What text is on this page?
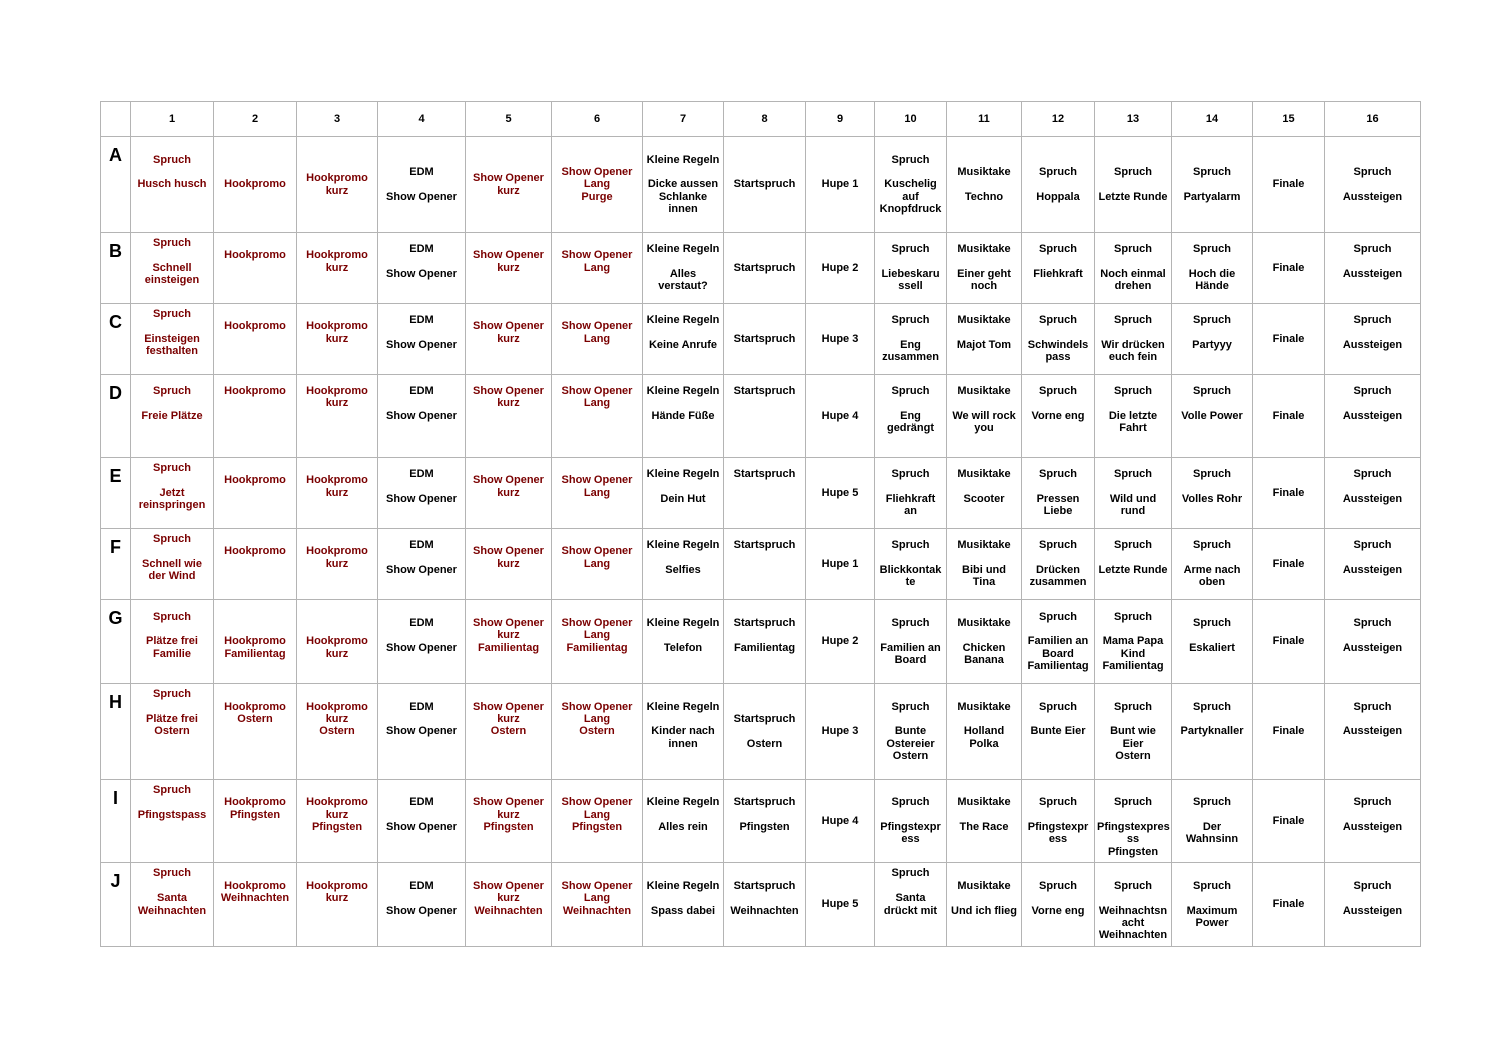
	1	2	3	4	5	6	7	8	9	10	11	12	13	14	15	16
A	Spruch
Husch husch	Hookpromo	Hookpromo
kurz	EDM
Show Opener	Show Opener
kurz	Show Opener
Lang
Purge	Kleine Regeln
Dicke aussen
Schlanke
innen	Startspruch	Hupe 1	Spruch
Kuschelig
auf
Knopfdruck	Musiktake
Techno	Spruch
Hoppala	Spruch
Letzte Runde	Spruch
Partyalarm	Finale	Spruch
Aussteigen

B	Spruch
Schnell
einsteigen	Hookpromo	Hookpromo
kurz	EDM
Show Opener	Show Opener
kurz	Show Opener
Lang	Kleine Regeln
Alles
verstaut?	Startspruch	Hupe 2	Spruch
Liebeskaru
ssell	Musiktake
Einer geht
noch	Spruch
Fliehkraft	Spruch
Noch einmal
drehen	Spruch
Hoch die
Hände	Finale	Spruch
Aussteigen

C	Spruch
Einsteigen
festhalten	Hookpromo	Hookpromo
kurz	EDM
Show Opener	Show Opener
kurz	Show Opener
Lang	Kleine Regeln
Keine Anrufe	Startspruch	Hupe 3	Spruch
Eng
zusammen	Musiktake
Majot Tom	Spruch
Schwindels
pass	Spruch
Wir drücken
euch fein	Spruch
Partyyy	Finale	Spruch
Aussteigen

D	Spruch
Freie Plätze	Hookpromo	Hookpromo
kurz	EDM
Show Opener	Show Opener
kurz	Show Opener
Lang	Kleine Regeln
Hände Füße	Startspruch	Hupe 4	Spruch
Eng
gedrängt	Musiktake
We will rock
you	Spruch
Vorne eng	Spruch
Die letzte
Fahrt	Spruch
Volle Power	Finale	Spruch
Aussteigen

E	Spruch
Jetzt
reinspringen	Hookpromo	Hookpromo
kurz	EDM
Show Opener	Show Opener
kurz	Show Opener
Lang	Kleine Regeln
Dein Hut	Startspruch	Hupe 5	Spruch
Fliehkraft
an	Musiktake
Scooter	Spruch
Pressen
Liebe	Spruch
Wild und
rund	Spruch
Volles Rohr	Finale	Spruch
Aussteigen

F	Spruch
Schnell wie
der Wind	Hookpromo	Hookpromo
kurz	EDM
Show Opener	Show Opener
kurz	Show Opener
Lang	Kleine Regeln
Selfies	Startspruch	Hupe 1	Spruch
Blickkontak
te	Musiktake
Bibi und
Tina	Spruch
Drücken
zusammen	Spruch
Letzte Runde	Spruch
Arme nach
oben	Finale	Spruch
Aussteigen

G	Spruch
Plätze frei
Familie	Hookpromo
Familientag	Hookpromo
kurz	EDM
Show Opener	Show Opener
kurz
Familientag	Show Opener
Lang
Familientag	Kleine Regeln
Telefon	Startspruch
Familientag	Hupe 2	Spruch
Familien an
Board	Musiktake
Chicken
Banana	Spruch
Familien an
Board
Familientag	Spruch
Mama Papa
Kind
Familientag	Spruch
Eskaliert	Finale	Spruch
Aussteigen

H	Spruch
Plätze frei
Ostern	Hookpromo
Ostern	Hookpromo
kurz
Ostern	EDM
Show Opener	Show Opener
kurz
Ostern	Show Opener
Lang
Ostern	Kleine Regeln
Kinder nach
innen	Startspruch
Ostern	Hupe 3	Spruch
Bunte
Ostereier
Ostern	Musiktake
Holland
Polka	Spruch
Bunte Eier	Spruch
Bunt wie
Eier
Ostern	Spruch
Partyknaller	Finale	Spruch
Aussteigen

I	Spruch
Pfingstspass	Hookpromo
Pfingsten	Hookpromo
kurz
Pfingsten	EDM
Show Opener	Show Opener
kurz
Pfingsten	Show Opener
Lang
Pfingsten	Kleine Regeln
Alles rein	Startspruch
Pfingsten	Hupe 4	Spruch
Pfingstexpr
ess	Musiktake
The Race	Spruch
Pfingstexpr
ess	Spruch
Pfingstexpres
ss
Pfingsten	Spruch
Der
Wahnsinn	Finale	Spruch
Aussteigen

J	Spruch
Santa
Weihnachten	Hookpromo
Weihnachten	Hookpromo
kurz	EDM
Show Opener	Show Opener
kurz
Weihnachten	Show Opener
Lang
Weihnachten	Kleine Regeln
Spass dabei	Startspruch
Weihnachten	Hupe 5	Spruch
Santa
drückt mit	Musiktake
Und ich flieg	Spruch
Vorne eng	Spruch
Weihnachtsn
acht
Weihnachten	Spruch
Maximum
Power	Finale	Spruch
Aussteigen
